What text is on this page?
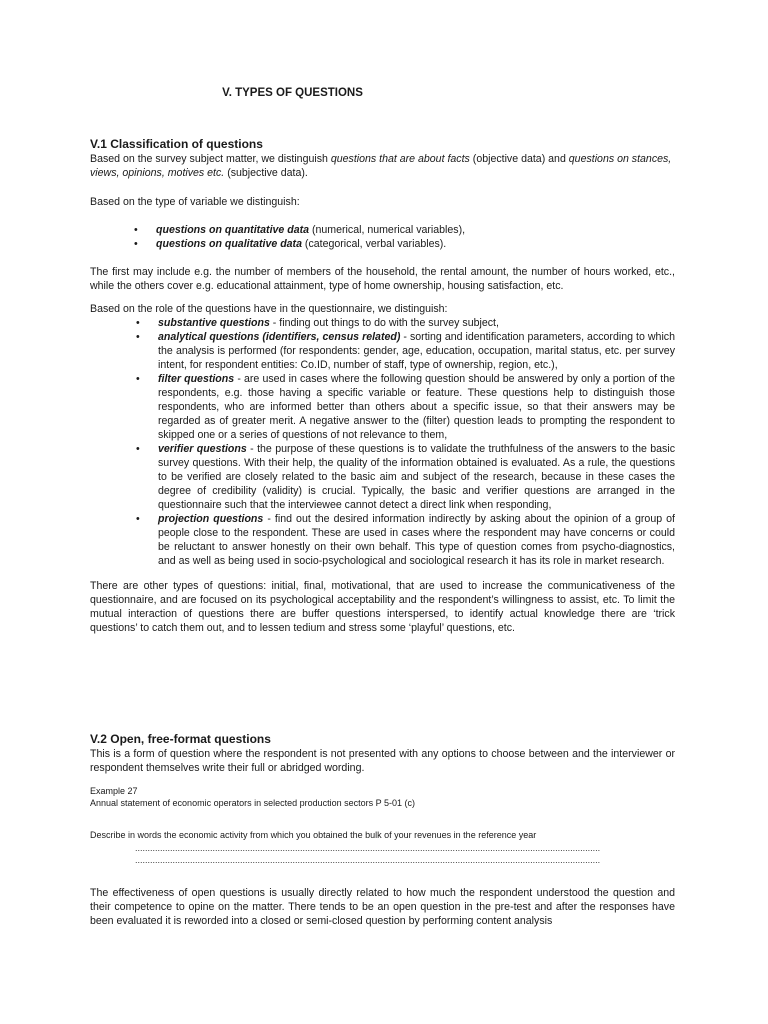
V. TYPES OF QUESTIONS

V.1 Classification of questions

Based on the survey subject matter, we distinguish questions that are about facts (objective data) and questions on stances, views, opinions, motives etc. (subjective data).

Based on the type of variable we distinguish:

• questions on quantitative data (numerical, numerical variables),
• questions on qualitative data (categorical, verbal variables).

The first may include e.g. the number of members of the household, the rental amount, the number of hours worked, etc., while the others cover e.g. educational attainment, type of home ownership, housing satisfaction, etc.

Based on the role of the questions have in the questionnaire, we distinguish:

• substantive questions - finding out things to do with the survey subject,
• analytical questions (identifiers, census related) - sorting and identification parameters, according to which the analysis is performed (for respondents: gender, age, education, occupation, marital status, etc. per survey intent, for respondent entities: Co.ID, number of staff, type of ownership, region, etc.),
• filter questions - are used in cases where the following question should be answered by only a portion of the respondents, e.g. those having a specific variable or feature. These questions help to distinguish those respondents, who are informed better than others about a specific issue, so that their answers may be regarded as of greater merit. A negative answer to the (filter) question leads to prompting the respondent to skipped one or a series of questions of not relevance to them,
• verifier questions - the purpose of these questions is to validate the truthfulness of the answers to the basic survey questions. With their help, the quality of the information obtained is evaluated. As a rule, the questions to be verified are closely related to the basic aim and subject of the research, because in these cases the degree of credibility (validity) is crucial. Typically, the basic and verifier questions are arranged in the questionnaire such that the interviewee cannot detect a direct link when responding,
• projection questions - find out the desired information indirectly by asking about the opinion of a group of people close to the respondent. These are used in cases where the respondent may have concerns or could be reluctant to answer honestly on their own behalf. This type of question comes from psycho-diagnostics, and as well as being used in socio-psychological and sociological research it has its role in market research.

There are other types of questions: initial, final, motivational, that are used to increase the communicativeness of the questionnaire, and are focused on its psychological acceptability and the respondent’s willingness to assist, etc. To limit the mutual interaction of questions there are buffer questions interspersed, to identify actual knowledge there are ‘trick questions’ to catch them out, and to lessen tedium and stress some ‘playful’ questions, etc.

V.2 Open, free-format questions

This is a form of question where the respondent is not presented with any options to choose between and the interviewer or respondent themselves write their full or abridged wording.

Example 27

Annual statement of economic operators in selected production sectors P 5-01 (c)

Describe in words the economic activity from which you obtained the bulk of your revenues in the reference year

..........................................................................................................................................................................................
..........................................................................................................................................................................................

The effectiveness of open questions is usually directly related to how much the respondent understood the question and their competence to opine on the matter. There tends to be an open question in the pre-test and after the responses have been evaluated it is reworded into a closed or semi-closed question by performing content analysis
